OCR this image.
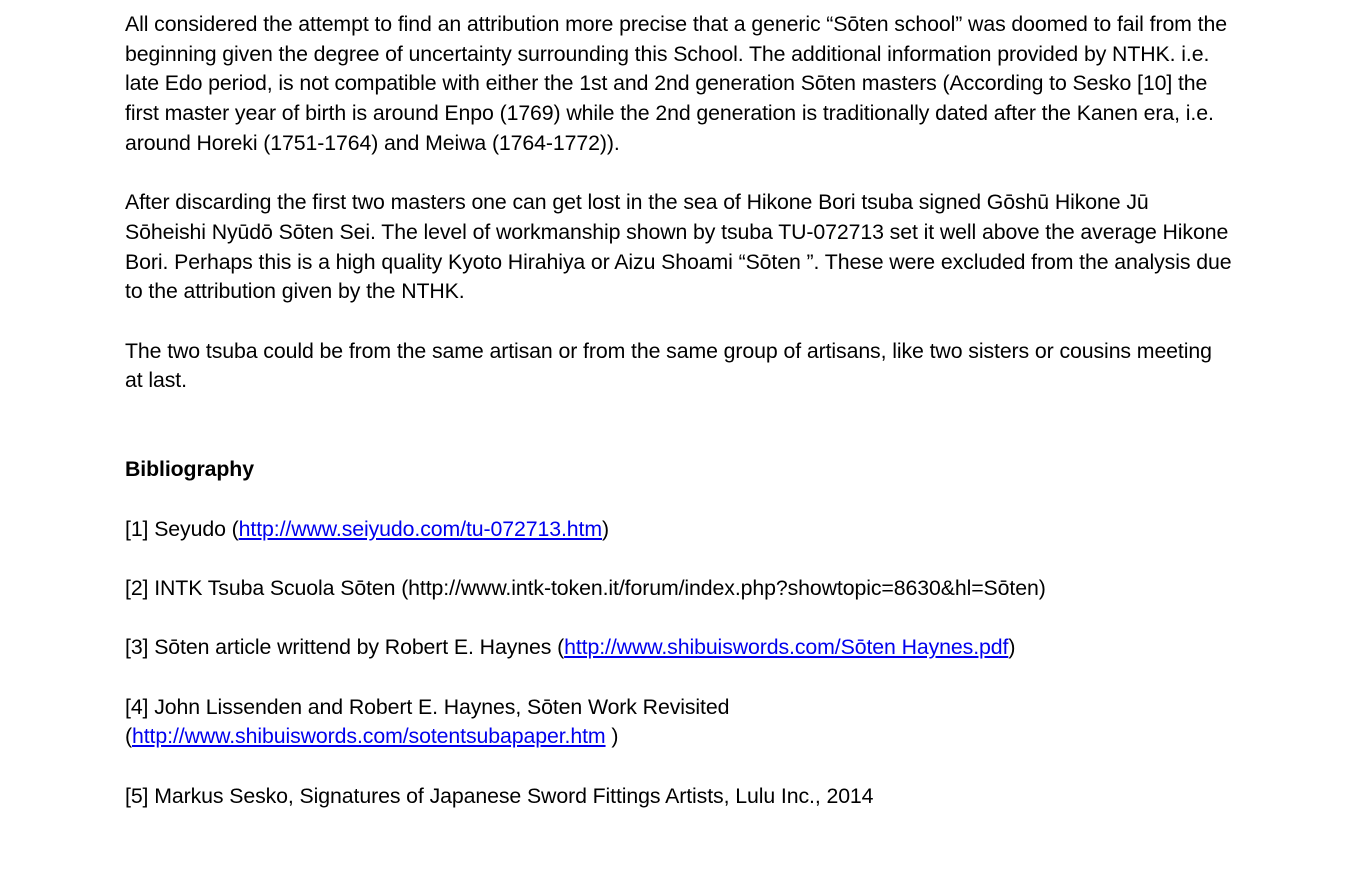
All considered the attempt to find an attribution more precise that a generic “Sōten school” was doomed to fail from the beginning given the degree of uncertainty surrounding this School. The additional information provided by NTHK. i.e. late Edo period, is not compatible with either the 1st and 2nd generation Sōten masters (According to Sesko [10] the first master year of birth is around Enpo (1769) while the 2nd generation is traditionally dated after the Kanen era, i.e. around Horeki (1751-1764) and Meiwa (1764-1772)).

After discarding the first two masters one can get lost in the sea of Hikone Bori tsuba signed Gōshū Hikone Jū Sōheishi Nyūdō Sōten Sei. The level of workmanship shown by tsuba TU-072713 set it well above the average Hikone Bori. Perhaps this is a high quality Kyoto Hirahiya or Aizu Shoami “Sōten ”. These were excluded from the analysis due to the attribution given by the NTHK.

The two tsuba could be from the same artisan or from the same group of artisans, like two sisters or cousins meeting at last.

Bibliography

[1] Seyudo (http://www.seiyudo.com/tu-072713.htm)

[2] INTK Tsuba Scuola Sōten (http://www.intk-token.it/forum/index.php?showtopic=8630&hl=Sōten)

[3] Sōten article writtend by Robert E. Haynes (http://www.shibuiswords.com/Sōten Haynes.pdf)

[4] John Lissenden and Robert E. Haynes, Sōten Work Revisited
(http://www.shibuiswords.com/sotentsubapaper.htm )

[5] Markus Sesko, Signatures of Japanese Sword Fittings Artists, Lulu Inc., 2014
